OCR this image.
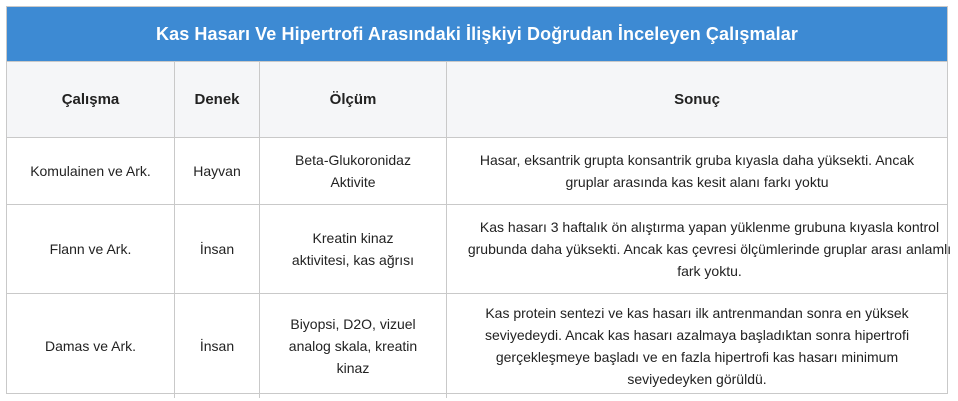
Kas Hasarı Ve Hipertrofi Arasındaki İlişkiyi Doğrudan İnceleyen Çalışmalar
Çalışma	Denek	Ölçüm	Sonuç
Komulainen ve Ark.	Hayvan	Beta-Glukoronidaz Aktivite	Hasar, eksantrik grupta konsantrik gruba kıyasla daha yüksekti. Ancak gruplar arasında kas kesit alanı farkı yoktu
Flann ve Ark.	İnsan	Kreatin kinaz aktivitesi, kas ağrısı	Kas hasarı 3 haftalık ön alıştırma yapan yüklenme grubuna kıyasla kontrol grubunda daha yüksekti. Ancak kas çevresi ölçümlerinde gruplar arası anlamlı fark yoktu.
Damas ve Ark.	İnsan	Biyopsi, D2O, vizuel analog skala, kreatin kinaz	Kas protein sentezi ve kas hasarı ilk antrenmandan sonra en yüksek seviyedeydi. Ancak kas hasarı azalmaya başladıktan sonra hipertrofi gerçekleşmeye başladı ve en fazla hipertrofi kas hasarı minimum seviyedeyken görüldü.
